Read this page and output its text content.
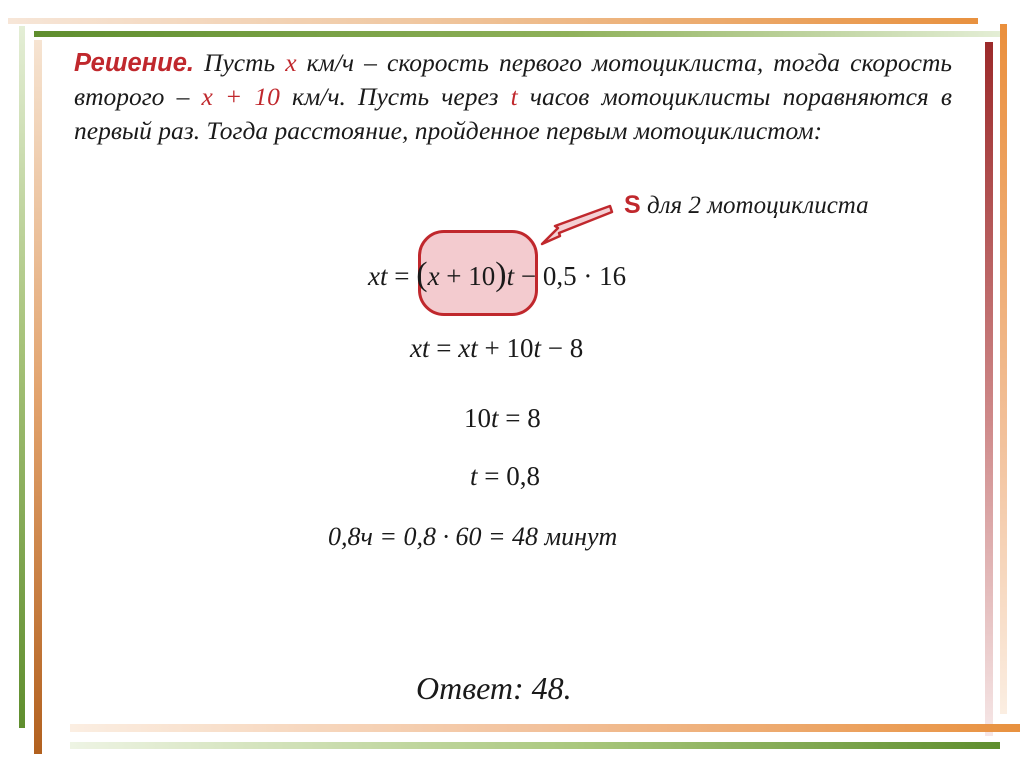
Решение. Пусть x км/ч – скорость первого мотоциклиста, тогда скорость второго – x + 10 км/ч. Пусть через t часов мотоциклисты поравняются в первый раз. Тогда расстояние, пройденное первым мотоциклистом:

S для 2 мотоциклиста
xt = (x + 10)t − 0,5 · 16
xt = xt + 10t − 8
10t = 8
t = 0,8
0,8ч = 0,8 · 60 = 48 минут
Ответ: 48.
